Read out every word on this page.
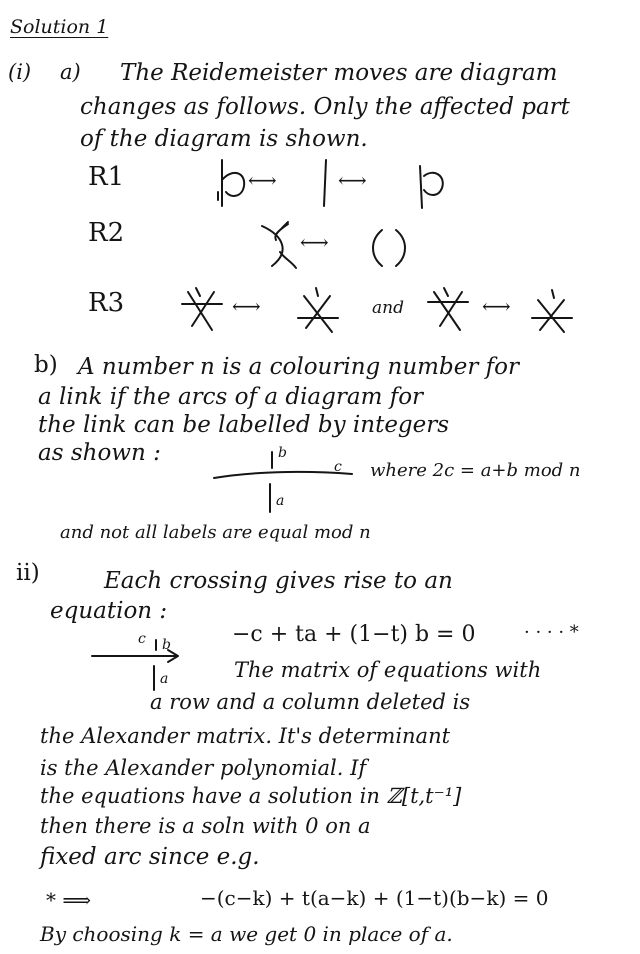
Solution 1
(i) a) The Reidemeister moves are diagram
changes as follows. Only the affected part
of the diagram is shown.
R1
R2
R3
⟷	⟷
⟷
⟷	and	⟷
b) A number n is a colouring number for
a link if the arcs of a diagram for
the link can be labelled by integers
as shown :	b
c
a
where 2c = a+b mod n
and not all labels are equal mod n
ii)	Each crossing gives rise to an
equation :
c b
a
−c + ta + (1−t) b = 0	· · · · *
The matrix of equations with
a row and a column deleted is
the Alexander matrix. It's determinant
is the Alexander polynomial. If
the equations have a solution in ℤ[t,t⁻¹]
then there is a soln with 0 on a
fixed arc since e.g.
* ⟹	−(c−k) + t(a−k) + (1−t)(b−k) = 0
By choosing k = a we get 0 in place of a.
